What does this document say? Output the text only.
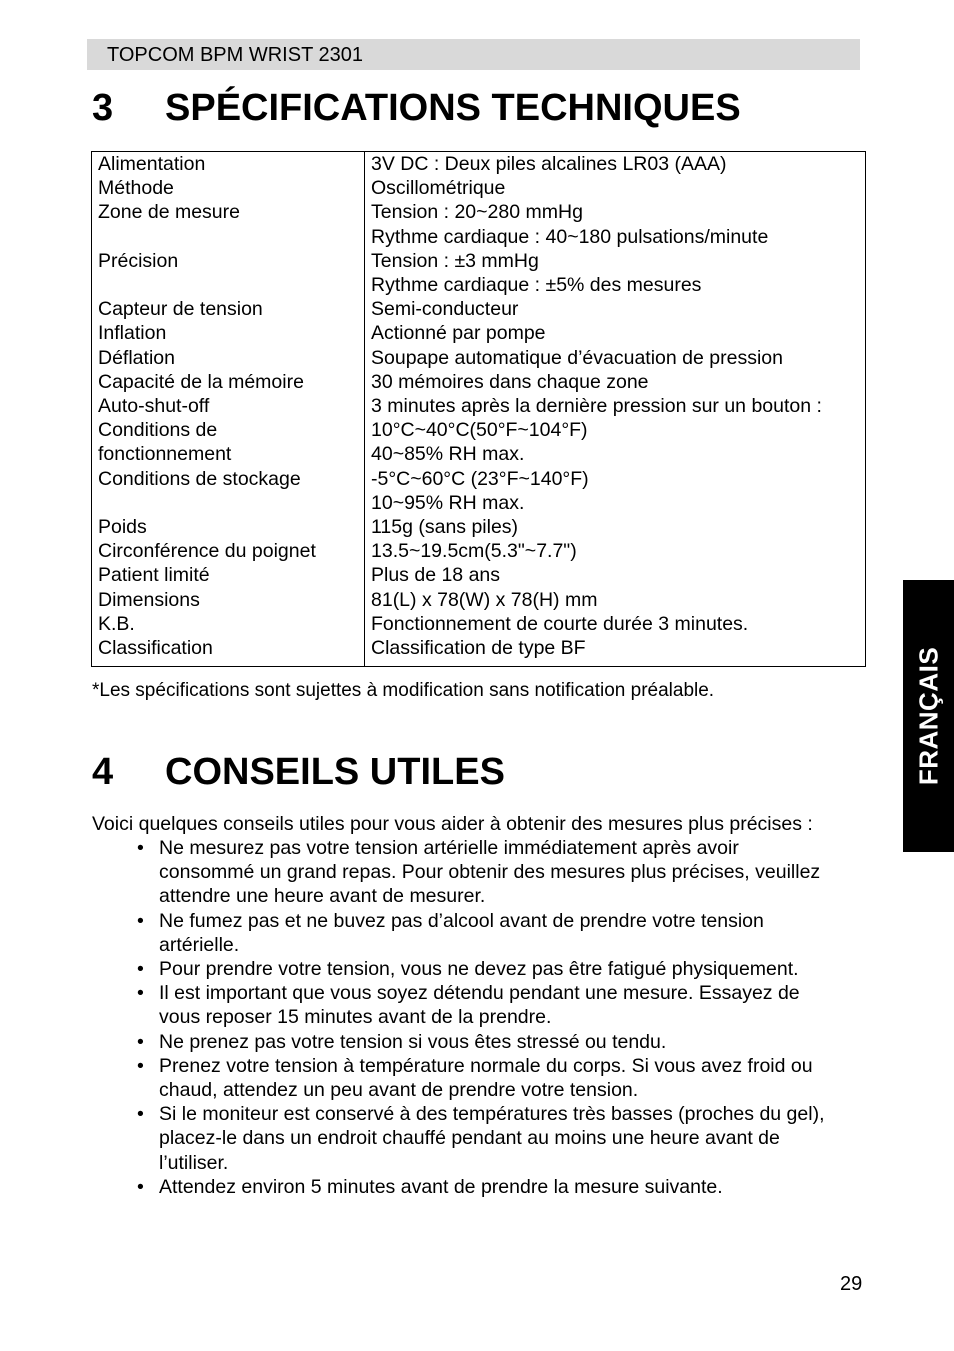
TOPCOM BPM WRIST 2301
3 SPÉCIFICATIONS TECHNIQUES
Alimentation
Méthode
Zone de mesure

Précision

Capteur de tension
Inflation
Déflation
Capacité de la mémoire
Auto-shut-off
Conditions de
fonctionnement
Conditions de stockage

Poids
Circonférence du poignet
Patient limité
Dimensions
K.B.
Classification
3V DC : Deux piles alcalines LR03 (AAA)
Oscillométrique
Tension : 20~280 mmHg
Rythme cardiaque : 40~180 pulsations/minute
Tension : ±3 mmHg
Rythme cardiaque : ±5% des mesures
Semi-conducteur
Actionné par pompe
Soupape automatique d’évacuation de pression
30 mémoires dans chaque zone
3 minutes après la dernière pression sur un bouton :
10°C~40°C(50°F~104°F)
40~85% RH max.
-5°C~60°C (23°F~140°F)
10~95% RH max.
115g (sans piles)
13.5~19.5cm(5.3"~7.7")
Plus de 18 ans
81(L) x 78(W) x 78(H) mm
Fonctionnement de courte durée 3 minutes.
Classification de type BF
*Les spécifications sont sujettes à modification sans notification préalable.
4 CONSEILS UTILES
Voici quelques conseils utiles pour vous aider à obtenir des mesures plus précises :
• Ne mesurez pas votre tension artérielle immédiatement après avoir
consommé un grand repas. Pour obtenir des mesures plus précises, veuillez
attendre une heure avant de mesurer.
• Ne fumez pas et ne buvez pas d’alcool avant de prendre votre tension
artérielle.
• Pour prendre votre tension, vous ne devez pas être fatigué physiquement.
• Il est important que vous soyez détendu pendant une mesure. Essayez de
vous reposer 15 minutes avant de la prendre.
• Ne prenez pas votre tension si vous êtes stressé ou tendu.
• Prenez votre tension à température normale du corps. Si vous avez froid ou
chaud, attendez un peu avant de prendre votre tension.
• Si le moniteur est conservé à des températures très basses (proches du gel),
placez-le dans un endroit chauffé pendant au moins une heure avant de
l’utiliser.
• Attendez environ 5 minutes avant de prendre la mesure suivante.
FRANÇAIS
29
